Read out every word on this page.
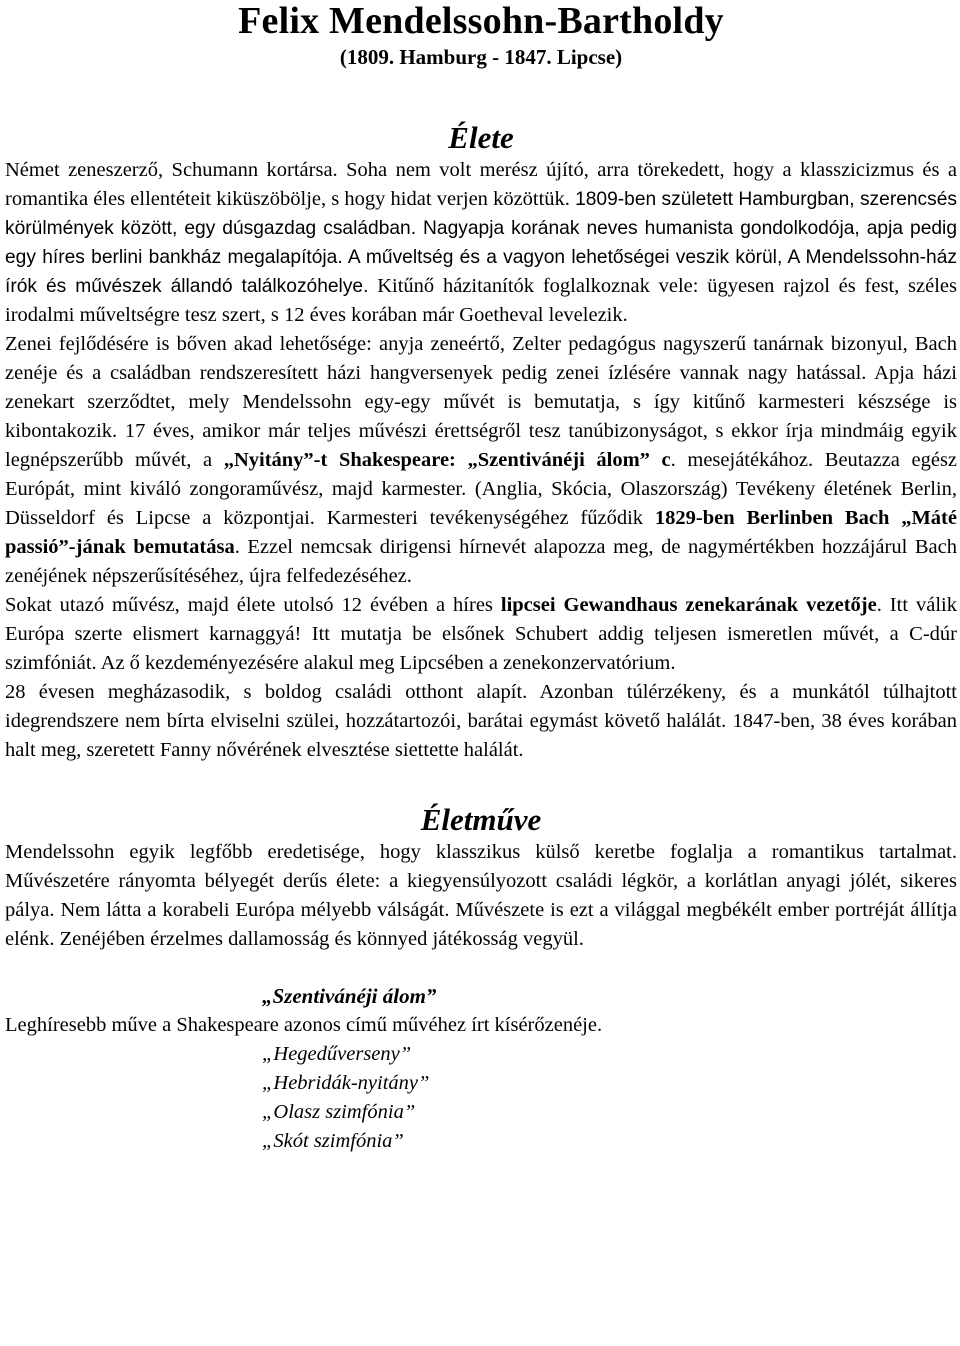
Felix Mendelssohn-Bartholdy
(1809. Hamburg - 1847. Lipcse)
Élete

Német zeneszerző, Schumann kortársa. Soha nem volt merész újító, arra törekedett, hogy a klasszicizmus és a romantika éles ellentéteit kiküszöbölje, s hogy hidat verjen közöttük. 1809-ben született Hamburgban, szerencsés körülmények között, egy dúsgazdag családban. Nagyapja korának neves humanista gondolkodója, apja pedig egy híres berlini bankház megalapítója. A műveltség és a vagyon lehetőségei veszik körül, A Mendelssohn-ház írók és művészek állandó találkozóhelye. Kitűnő házitanítók foglalkoznak vele: ügyesen rajzol és fest, széles irodalmi műveltségre tesz szert, s 12 éves korában már Goetheval levelezik.

Zenei fejlődésére is bőven akad lehetősége: anyja zeneértő, Zelter pedagógus nagyszerű tanárnak bizonyul, Bach zenéje és a családban rendszeresített házi hangversenyek pedig zenei ízlésére vannak nagy hatással. Apja házi zenekart szerződtet, mely Mendelssohn egy-egy művét is bemutatja, s így kitűnő karmesteri készsége is kibontakozik. 17 éves, amikor már teljes művészi érettségről tesz tanúbizonyságot, s ekkor írja mindmáig egyik legnépszerűbb művét, a „Nyitány”-t Shakespeare: „Szentivánéji álom” c. mesejátékához. Beutazza egész Európát, mint kiváló zongoraművész, majd karmester. (Anglia, Skócia, Olaszország) Tevékeny életének Berlin, Düsseldorf és Lipcse a központjai. Karmesteri tevékenységéhez fűződik 1829-ben Berlinben Bach „Máté passió”-jának bemutatása. Ezzel nemcsak dirigensi hírnevét alapozza meg, de nagymértékben hozzájárul Bach zenéjének népszerűsítéséhez, újra felfedezéséhez.

Sokat utazó művész, majd élete utolsó 12 évében a híres lipcsei Gewandhaus zenekarának vezetője. Itt válik Európa szerte elismert karnaggyá! Itt mutatja be elsőnek Schubert addig teljesen ismeretlen művét, a C-dúr szimfóniát. Az ő kezdeményezésére alakul meg Lipcsében a zenekonzervatórium.

28 évesen megházasodik, s boldog családi otthont alapít. Azonban túlérzékeny, és a munkától túlhajtott idegrendszere nem bírta elviselni szülei, hozzátartozói, barátai egymást követő halálát. 1847-ben, 38 éves korában halt meg, szeretett Fanny nővérének elvesztése siettette halálát.

Életműve

Mendelssohn egyik legfőbb eredetisége, hogy klasszikus külső keretbe foglalja a romantikus tartalmat. Művészetére rányomta bélyegét derűs élete: a kiegyensúlyozott családi légkör, a korlátlan anyagi jólét, sikeres pálya. Nem látta a korabeli Európa mélyebb válságát. Művészete is ezt a világgal megbékélt ember portréját állítja elénk. Zenéjében érzelmes dallamosság és könnyed játékosság vegyül.

„Szentivánéji álom”
Leghíresebb műve a Shakespeare azonos című művéhez írt kísérőzenéje.
„Hegedűverseny”
„Hebridák-nyitány”
„Olasz szimfónia”
„Skót szimfónia”
